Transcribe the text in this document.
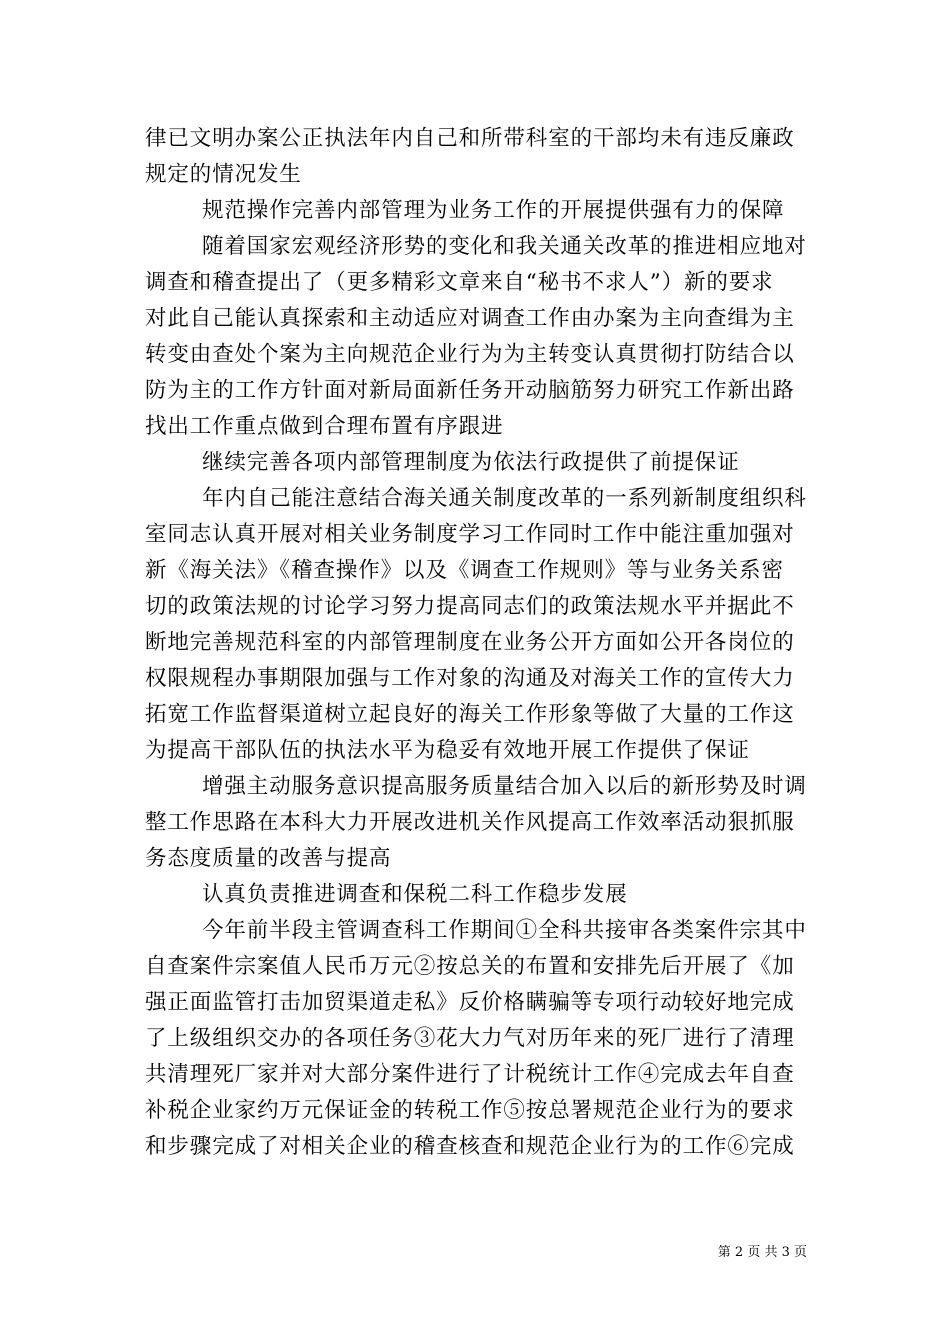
律已文明办案公正执法年内自己和所带科室的干部均未有违反廉政
规定的情况发生
规范操作完善内部管理为业务工作的开展提供强有力的保障
随着国家宏观经济形势的变化和我关通关改革的推进相应地对
调查和稽查提出了（更多精彩文章来自“秘书不求人”）新的要求
对此自己能认真探索和主动适应对调查工作由办案为主向查缉为主
转变由查处个案为主向规范企业行为为主转变认真贯彻打防结合以
防为主的工作方针面对新局面新任务开动脑筋努力研究工作新出路
找出工作重点做到合理布置有序跟进
继续完善各项内部管理制度为依法行政提供了前提保证
年内自己能注意结合海关通关制度改革的一系列新制度组织科
室同志认真开展对相关业务制度学习工作同时工作中能注重加强对
新《海关法》《稽查操作》以及《调查工作规则》等与业务关系密
切的政策法规的讨论学习努力提高同志们的政策法规水平并据此不
断地完善规范科室的内部管理制度在业务公开方面如公开各岗位的
权限规程办事期限加强与工作对象的沟通及对海关工作的宣传大力
拓宽工作监督渠道树立起良好的海关工作形象等做了大量的工作这
为提高干部队伍的执法水平为稳妥有效地开展工作提供了保证
增强主动服务意识提高服务质量结合加入以后的新形势及时调
整工作思路在本科大力开展改进机关作风提高工作效率活动狠抓服
务态度质量的改善与提高
认真负责推进调查和保税二科工作稳步发展
今年前半段主管调查科工作期间①全科共接审各类案件宗其中
自查案件宗案值人民币万元②按总关的布置和安排先后开展了《加
强正面监管打击加贸渠道走私》反价格瞒骗等专项行动较好地完成
了上级组织交办的各项任务③花大力气对历年来的死厂进行了清理
共清理死厂家并对大部分案件进行了计税统计工作④完成去年自查
补税企业家约万元保证金的转税工作⑤按总署规范企业行为的要求
和步骤完成了对相关企业的稽查核查和规范企业行为的工作⑥完成
第 2 页 共 3 页
